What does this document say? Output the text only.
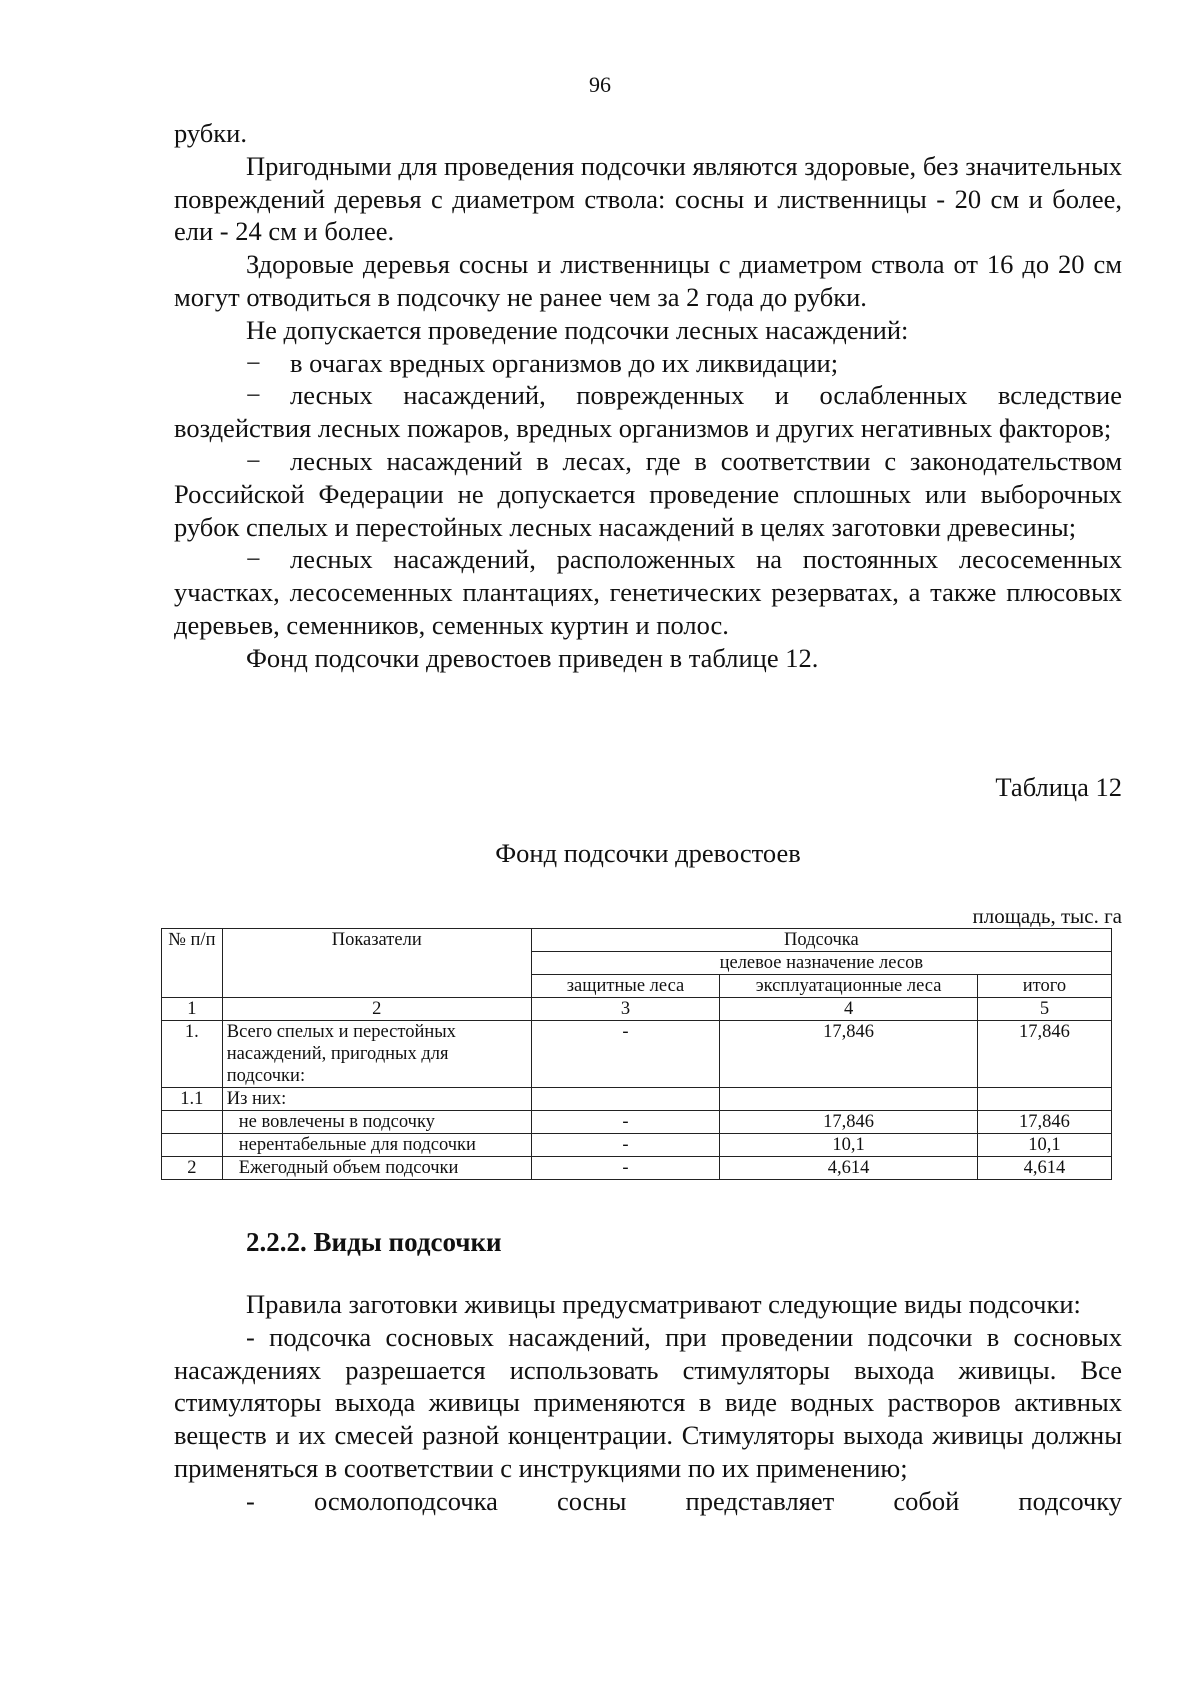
96

рубки.

Пригодными для проведения подсочки являются здоровые, без значительных повреждений деревья с диаметром ствола: сосны и лиственницы - 20 см и более, ели - 24 см и более.

Здоровые деревья сосны и лиственницы с диаметром ствола от 16 до 20 см могут отводиться в подсочку не ранее чем за 2 года до рубки.

Не допускается проведение подсочки лесных насаждений:

− в очагах вредных организмов до их ликвидации;

− лесных насаждений, поврежденных и ослабленных вследствие воздействия лесных пожаров, вредных организмов и других негативных факторов;

− лесных насаждений в лесах, где в соответствии с законодательством Российской Федерации не допускается проведение сплошных или выборочных рубок спелых и перестойных лесных насаждений в целях заготовки древесины;

− лесных насаждений, расположенных на постоянных лесосеменных участках, лесосеменных плантациях, генетических резерватах, а также плюсовых деревьев, семенников, семенных куртин и полос.

Фонд подсочки древостоев приведен в таблице 12.

Таблица 12
Фонд подсочки древостоев
площадь, тыс. га
№ п/п	Показатели	Подсочка		
		целевое назначение лесов		
		защитные леса	эксплуатационные леса	итого
1	2	3	4	5
1.	Всего спелых и перестойных насаждений, пригодных для подсочки:	-	17,846	17,846
1.1	Из них:			
	не вовлечены в подсочку	-	17,846	17,846
	нерентабельные для подсочки	-	10,1	10,1
2	Ежегодный объем подсочки	-	4,614	4,614
2.2.2. Виды подсочки

Правила заготовки живицы предусматривают следующие виды подсочки:

- подсочка сосновых насаждений, при проведении подсочки в сосновых насаждениях разрешается использовать стимуляторы выхода живицы. Все стимуляторы выхода живицы применяются в виде водных растворов активных веществ и их смесей разной концентрации. Стимуляторы выхода живицы должны применяться в соответствии с инструкциями по их применению;

- осмолоподсочка сосны представляет собой подсочку
